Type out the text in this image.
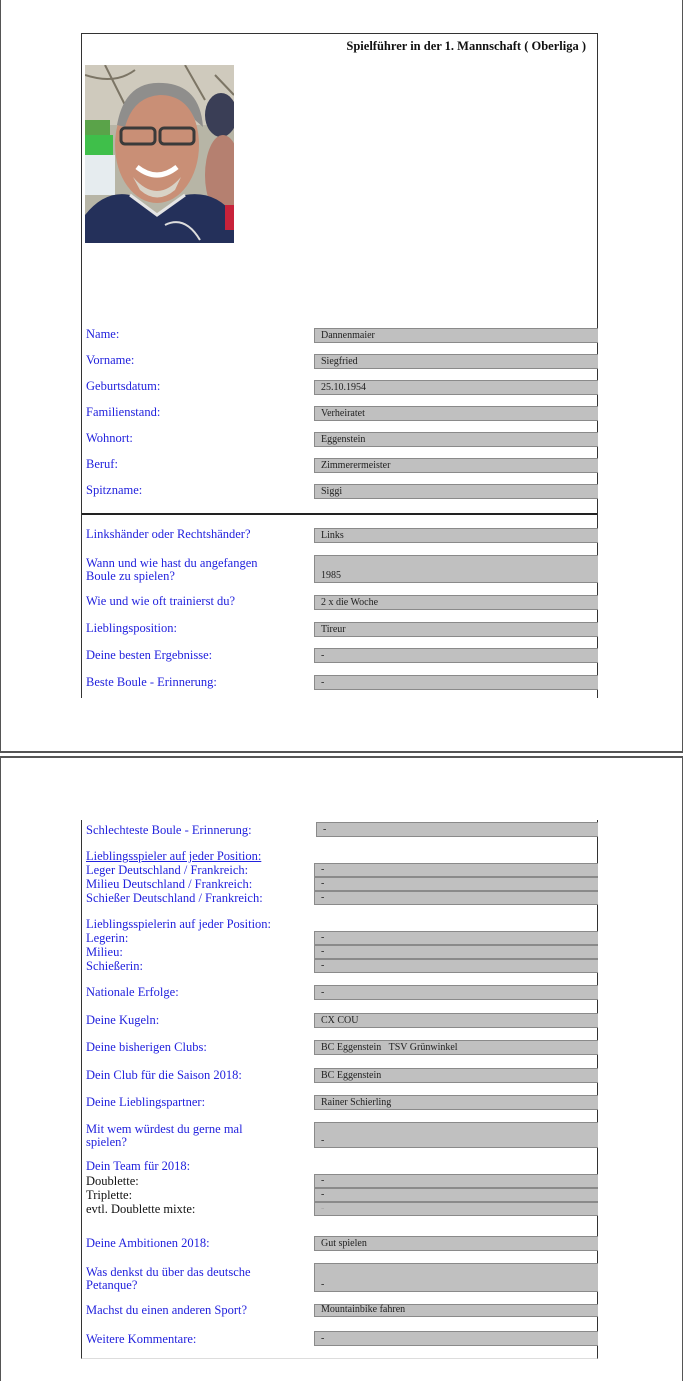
Spielführer in der 1. Mannschaft ( Oberliga )
Name:	Dannenmaier
Vorname:	Siegfried
Geburtsdatum:	25.10.1954
Familienstand:	Verheiratet
Wohnort:	Eggenstein
Beruf:	Zimmerermeister
Spitzname:	Siggi
Linkshänder oder Rechtshänder?	Links
Wann und wie hast du angefangen
Boule zu spielen?	1985
Wie und wie oft trainierst du?	2 x die Woche
Lieblingsposition:	Tireur
Deine besten Ergebnisse:	-
Beste Boule - Erinnerung:	-
Schlechteste Boule - Erinnerung:	-
Lieblingsspieler auf jeder Position:
Leger Deutschland / Frankreich:	-
Milieu Deutschland / Frankreich:	-
Schießer Deutschland / Frankreich:	-
Lieblingsspielerin auf jeder Position:
Legerin:	-
Milieu:	-
Schießerin:	-
Nationale Erfolge:	-
Deine Kugeln:	CX COU
Deine bisherigen Clubs:	BC Eggenstein   TSV Grünwinkel
Dein Club für die Saison 2018:	BC Eggenstein
Deine Lieblingspartner:	Rainer Schierling
Mit wem würdest du gerne mal
spielen?	-
Dein Team für 2018:
Doublette:	-
Triplette:	-
evtl. Doublette mixte:	-
Deine Ambitionen 2018:	Gut spielen
Was denkst du über das deutsche
Petanque?	-
Machst du einen anderen Sport?	Mountainbike fahren
Weitere Kommentare:	-
